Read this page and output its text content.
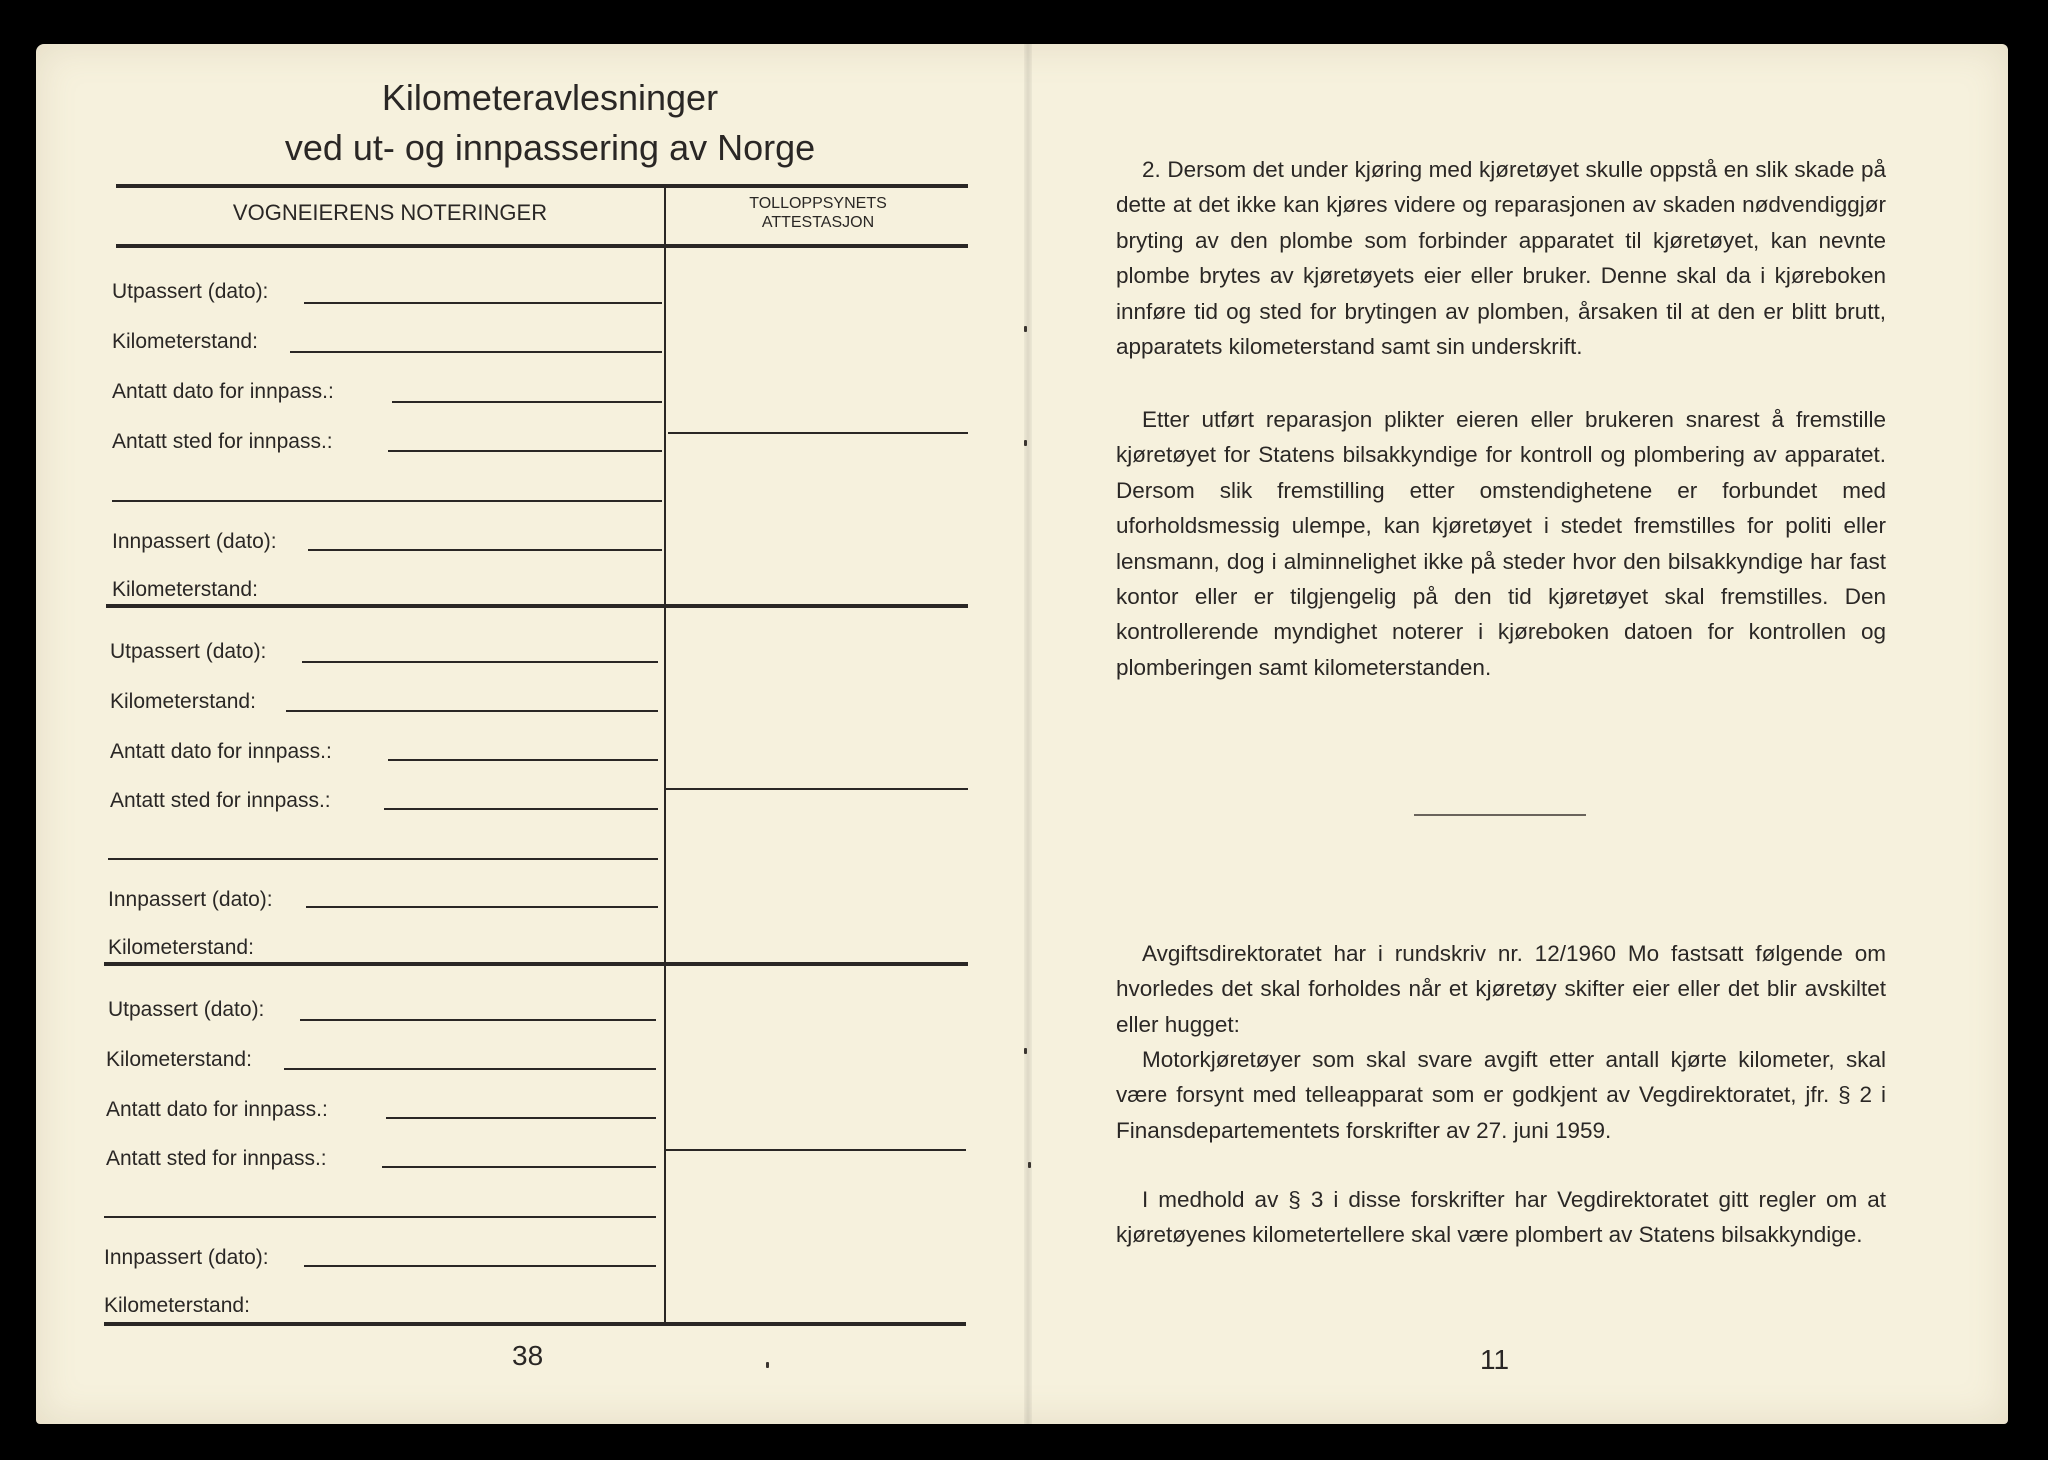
Kilometeravlesninger
ved ut- og innpassering av Norge
VOGNEIERENS NOTERINGER	TOLLOPPSYNETS
ATTESTASJON
Utpassert (dato):
Kilometerstand:
Antatt dato for innpass.:
Antatt sted for innpass.:
Innpassert (dato):
Kilometerstand:
Utpassert (dato):
Kilometerstand:
Antatt dato for innpass.:
Antatt sted for innpass.:
Innpassert (dato):
Kilometerstand:
Utpassert (dato):
Kilometerstand:
Antatt dato for innpass.:
Antatt sted for innpass.:
Innpassert (dato):
Kilometerstand:
38

2. Dersom det under kjøring med kjøretøyet skulle oppstå en slik skade på dette at det ikke kan kjøres videre og reparasjonen av skaden nødvendiggjør bryting av den plombe som forbinder apparatet til kjøretøyet, kan nevnte plombe brytes av kjøretøyets eier eller bruker. Denne skal da i kjøreboken innføre tid og sted for brytingen av plomben, årsaken til at den er blitt brutt, apparatets kilometerstand samt sin underskrift.

Etter utført reparasjon plikter eieren eller brukeren snarest å fremstille kjøretøyet for Statens bilsakkyndige for kontroll og plombering av apparatet. Dersom slik fremstilling etter omstendighetene er forbundet med uforholdsmessig ulempe, kan kjøretøyet i stedet fremstilles for politi eller lensmann, dog i alminnelighet ikke på steder hvor den bilsakkyndige har fast kontor eller er tilgjengelig på den tid kjøretøyet skal fremstilles. Den kontrollerende myndighet noterer i kjøreboken datoen for kontrollen og plomberingen samt kilometerstanden.

Avgiftsdirektoratet har i rundskriv nr. 12/1960 Mo fastsatt følgende om hvorledes det skal forholdes når et kjøretøy skifter eier eller det blir avskiltet eller hugget:

Motorkjøretøyer som skal svare avgift etter antall kjørte kilometer, skal være forsynt med telleapparat som er godkjent av Vegdirektoratet, jfr. § 2 i Finansdepartementets forskrifter av 27. juni 1959.

I medhold av § 3 i disse forskrifter har Vegdirektoratet gitt regler om at kjøretøyenes kilometertellere skal være plombert av Statens bilsakkyndige.

11
